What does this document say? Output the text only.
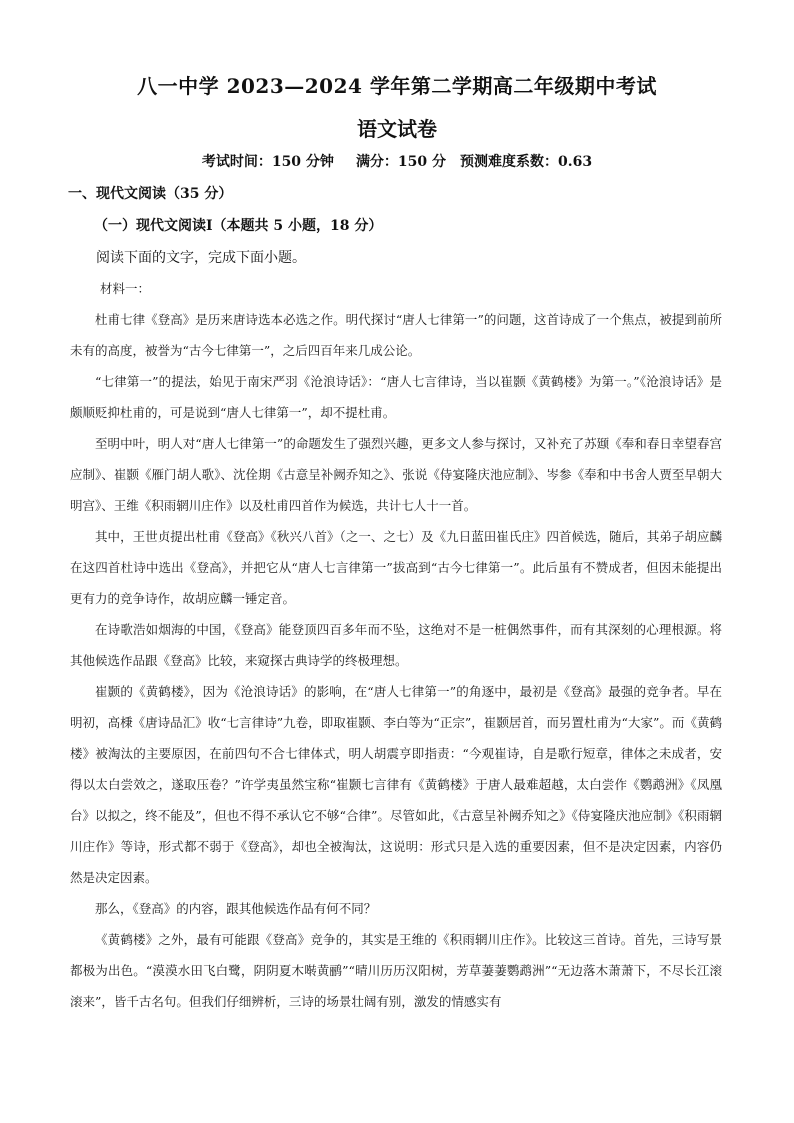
八一中学 2023—2024 学年第二学期高二年级期中考试
语文试卷
考试时间：150 分钟 满分：150 分 预测难度系数：0.63
一、现代文阅读（35 分）
（一）现代文阅读Ⅰ（本题共 5 小题，18 分）
阅读下面的文字，完成下面小题。
材料一：

杜甫七律《登高》是历来唐诗选本必选之作。明代探讨“唐人七律第一”的问题，这首诗成了一个焦点，被提到前所未有的高度，被誉为“古今七律第一”，之后四百年来几成公论。

“七律第一”的提法，始见于南宋严羽《沧浪诗话》：“唐人七言律诗，当以崔颢《黄鹤楼》为第一。”《沧浪诗话》是颇顺贬抑杜甫的，可是说到“唐人七律第一”，却不提杜甫。

至明中叶，明人对“唐人七律第一”的命题发生了强烈兴趣，更多文人参与探讨，又补充了苏颋《奉和春日幸望春宫应制》、崔颢《雁门胡人歌》、沈佺期《古意呈补阙乔知之》、张说《侍宴隆庆池应制》、岑参《奉和中书舍人贾至早朝大明宫》、王维《积雨辋川庄作》以及杜甫四首作为候选，共计七人十一首。

其中，王世贞提出杜甫《登高》《秋兴八首》（之一、之七）及《九日蓝田崔氏庄》四首候选，随后，其弟子胡应麟在这四首杜诗中选出《登高》，并把它从“唐人七言律第一”拔高到“古今七律第一”。此后虽有不赞成者，但因未能提出更有力的竞争诗作，故胡应麟一锤定音。

在诗歌浩如烟海的中国，《登高》能登顶四百多年而不坠，这绝对不是一桩偶然事件，而有其深刻的心理根源。将其他候选作品跟《登高》比较，来窥探古典诗学的终极理想。

崔颢的《黄鹤楼》，因为《沧浪诗话》的影响，在“唐人七律第一”的角逐中，最初是《登高》最强的竞争者。早在明初，高棅《唐诗品汇》收“七言律诗”九卷，即取崔颢、李白等为“正宗”，崔颢居首，而另置杜甫为“大家”。而《黄鹤楼》被淘汰的主要原因，在前四句不合七律体式，明人胡震亨即指责：“今观崔诗，自是歌行短章，律体之未成者，安得以太白尝效之，遂取压卷？”许学夷虽然宝称“崔颢七言律有《黄鹤楼》于唐人最难超越，太白尝作《鹦鹉洲》《凤凰台》以拟之，终不能及”，但也不得不承认它不够“合律”。尽管如此，《古意呈补阙乔知之》《侍宴隆庆池应制》《积雨辋川庄作》等诗，形式都不弱于《登高》，却也全被淘汰，这说明：形式只是入选的重要因素，但不是决定因素，内容仍然是决定因素。

那么，《登高》的内容，跟其他候选作品有何不同？

《黄鹤楼》之外，最有可能跟《登高》竞争的，其实是王维的《积雨辋川庄作》。比较这三首诗。首先，三诗写景都极为出色。“漠漠水田飞白鹭，阴阴夏木啭黄鹂”“晴川历历汉阳树，芳草萋萋鹦鹉洲”“无边落木萧萧下，不尽长江滚滚来”，皆千古名句。但我们仔细辨析，三诗的场景壮阔有别，激发的情感实有
